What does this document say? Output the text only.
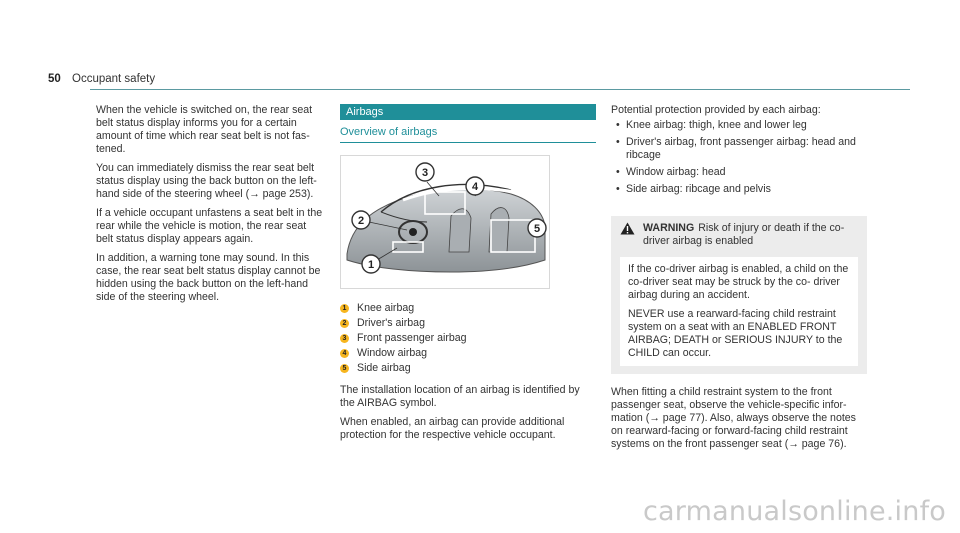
50 Occupant safety

When the vehicle is switched on, the rear seat belt status display informs you for a certain amount of time which rear seat belt is not fas- tened.

You can immediately dismiss the rear seat belt status display using the back button on the left- hand side of the steering wheel (→ page 253).

If a vehicle occupant unfastens a seat belt in the rear while the vehicle is motion, the rear seat belt status display appears again.

In addition, a warning tone may sound. In this case, the rear seat belt status display cannot be hidden using the back button on the left-hand side of the steering wheel.

Airbags
Overview of airbags
1
2
3
4
5
1 Knee airbag
2 Driver's airbag
3 Front passenger airbag
4 Window airbag
5 Side airbag

The installation location of an airbag is identified by the AIRBAG symbol.

When enabled, an airbag can provide additional protection for the respective vehicle occupant.

Potential protection provided by each airbag:

• Knee airbag: thigh, knee and lower leg
• Driver's airbag, front passenger airbag: head and ribcage
• Window airbag: head
• Side airbag: ribcage and pelvis
WARNING Risk of injury or death if the co- driver airbag is enabled

If the co-driver airbag is enabled, a child on the co-driver seat may be struck by the co- driver airbag during an accident.

NEVER use a rearward-facing child restraint system on a seat with an ENABLED FRONT AIRBAG; DEATH or SERIOUS INJURY to the CHILD can occur.

When fitting a child restraint system to the front passenger seat, observe the vehicle-specific infor- mation (→ page 77). Also, always observe the notes on rearward-facing or forward-facing child restraint systems on the front passenger seat (→ page 76).

carmanualsonline.info
